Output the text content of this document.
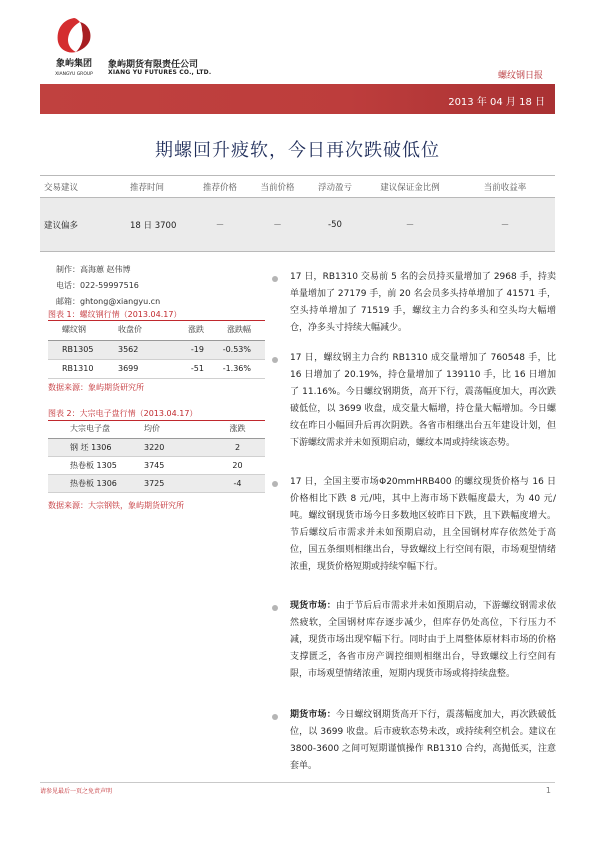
象屿集团
XIANGYU GROUP
象屿期货有限责任公司
XIANG YU FUTURES CO., LTD.	螺纹钢日报
2013 年 04 月 18 日
期螺回升疲软，今日再次跌破低位
交易建议	推荐时间	推荐价格	当前价格	浮动盈亏	建议保证金比例	当前收益率
建议偏多	18 日 3700	－	－	-50	－	－
制作：高海蕙 赵伟博
电话：022-59997516
邮箱：ghtong@xiangyu.cn
图表 1：螺纹钢行情（2013.04.17）
螺纹钢	收盘价	涨跌	涨跌幅
RB1305	3562	-19	-0.53%
RB1310	3699	-51	-1.36%
数据来源：象屿期货研究所
图表 2：大宗电子盘行情（2013.04.17）
大宗电子盘	均价	涨跌
钢 坯 1306	3220	2
热卷板 1305	3745	20
热卷板 1306	3725	-4
数据来源：大宗钢铁，象屿期货研究所
17 日，RB1310 交易前 5 名的会员持买量增加了 2968 手，持卖单量增加了 27179 手，前 20 名会员多头持单增加了 41571 手，空头持单增加了 71519 手，螺纹主力合约多头和空头均大幅增仓，净多头寸持续大幅减少。
17 日，螺纹钢主力合约 RB1310 成交量增加了 760548 手，比 16 日增加了 20.19%，持仓量增加了 139110 手，比 16 日增加了 11.16%。今日螺纹钢期货，高开下行，震荡幅度加大，再次跌破低位，以 3699 收盘，成交量大幅增，持仓量大幅增加。今日螺纹在昨日小幅回升后再次阴跌。各省市相继出台五年建设计划，但下游螺纹需求并未如预期启动，螺纹本周或持续该态势。
17 日，全国主要市场Φ20mmHRB400 的螺纹现货价格与 16 日价格相比下跌 8 元/吨，其中上海市场下跌幅度最大，为 40 元/吨。螺纹钢现货市场今日多数地区较昨日下跌，且下跌幅度增大。节后螺纹后市需求并未如预期启动，且全国钢材库存依然处于高位，国五条细则相继出台，导致螺纹上行空间有限，市场观望情绪浓重，现货价格短期或持续窄幅下行。
现货市场：由于节后后市需求并未如预期启动，下游螺纹钢需求依然疲软，全国钢材库存逐步减少，但库存仍处高位，下行压力不减，现货市场出现窄幅下行。同时由于上周整体原材料市场的价格支撑匮乏，各省市房产调控细则相继出台，导致螺纹上行空间有限，市场观望情绪浓重，短期内现货市场或将持续盘整。
期货市场：今日螺纹钢期货高开下行，震荡幅度加大，再次跌破低位，以 3699 收盘。后市疲软态势未改，或持续利空机会。建议在 3800-3600 之间可短期谨慎操作 RB1310 合约，高抛低买，注意套单。
请参见最后一页之免责声明	1
